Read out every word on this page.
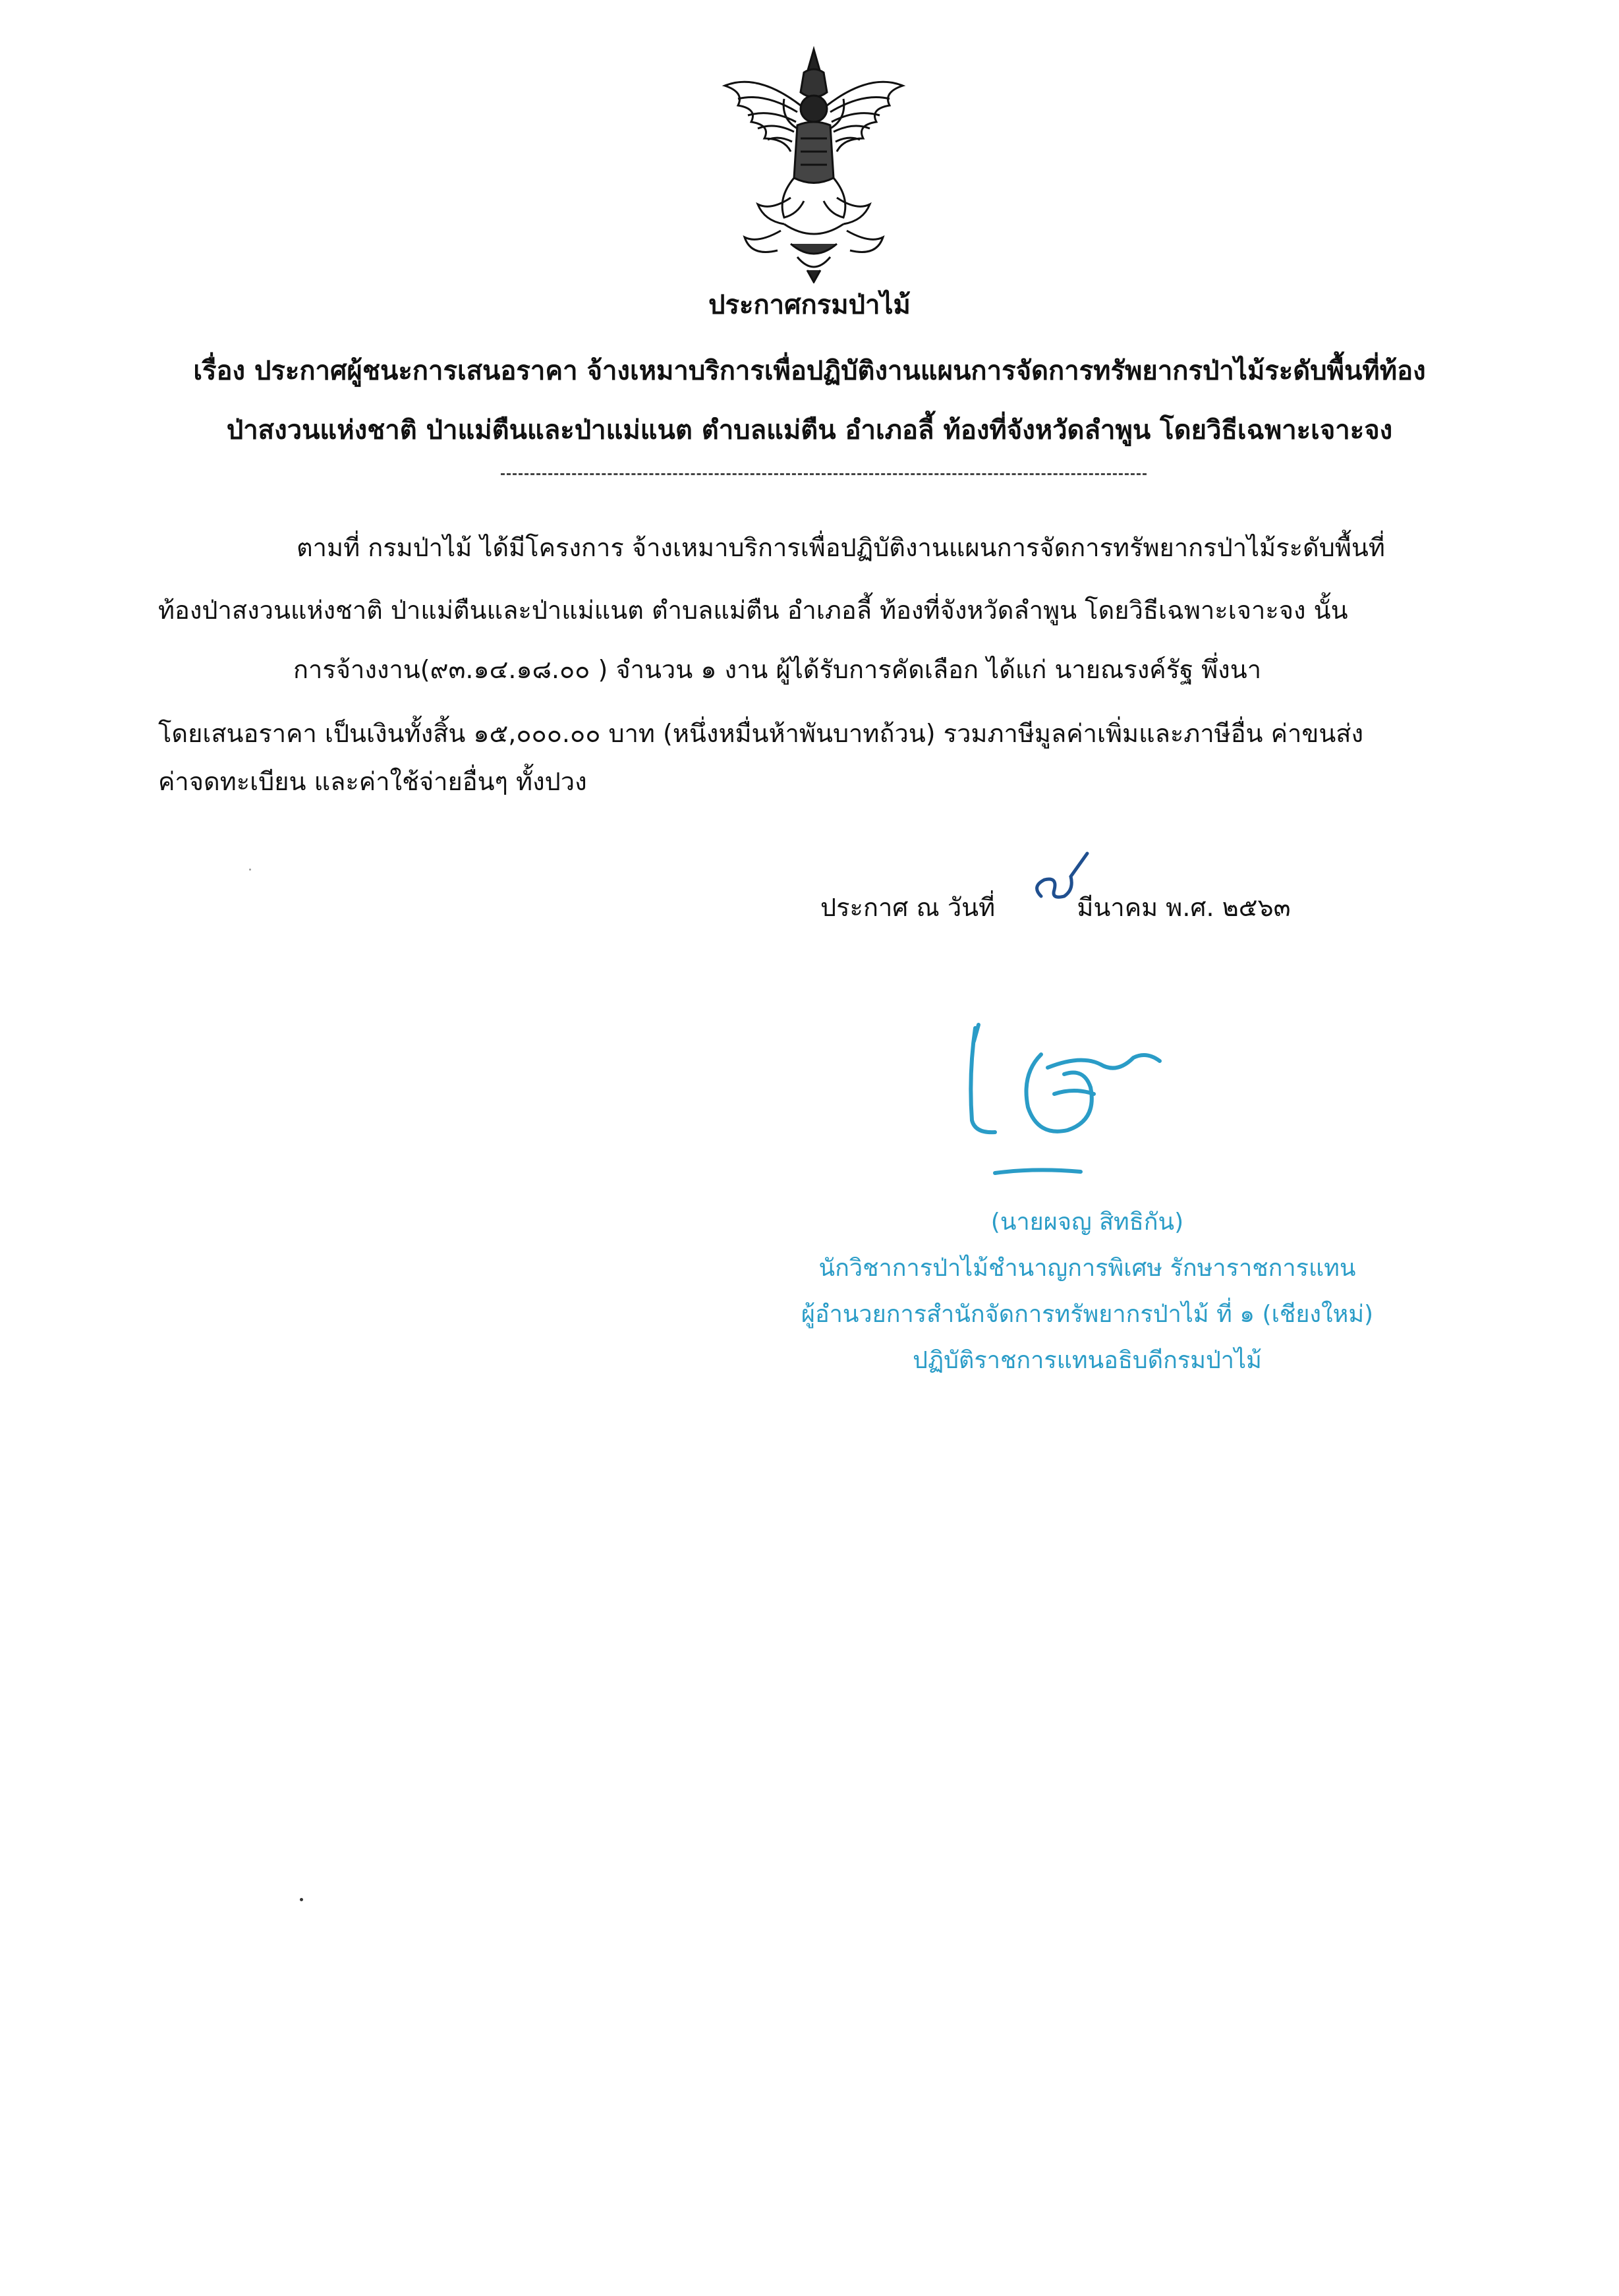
ประกาศกรมป่าไม้
เรื่อง ประกาศผู้ชนะการเสนอราคา จ้างเหมาบริการเพื่อปฏิบัติงานแผนการจัดการทรัพยากรป่าไม้ระดับพื้นที่ท้อง
ป่าสงวนแห่งชาติ ป่าแม่ตืนและป่าแม่แนต ตำบลแม่ตืน อำเภอลี้ ท้องที่จังหวัดลำพูน โดยวิธีเฉพาะเจาะจง
ตามที่ กรมป่าไม้ ได้มีโครงการ จ้างเหมาบริการเพื่อปฏิบัติงานแผนการจัดการทรัพยากรป่าไม้ระดับพื้นที่
ท้องป่าสงวนแห่งชาติ ป่าแม่ตืนและป่าแม่แนต ตำบลแม่ตืน อำเภอลี้ ท้องที่จังหวัดลำพูน โดยวิธีเฉพาะเจาะจง นั้น
การจ้างงาน(๙๓.๑๔.๑๘.๐๐ ) จำนวน ๑ งาน ผู้ได้รับการคัดเลือก ได้แก่ นายณรงค์รัฐ พึ่งนา
โดยเสนอราคา เป็นเงินทั้งสิ้น ๑๕,๐๐๐.๐๐ บาท (หนึ่งหมื่นห้าพันบาทถ้วน) รวมภาษีมูลค่าเพิ่มและภาษีอื่น ค่าขนส่ง
ค่าจดทะเบียน และค่าใช้จ่ายอื่นๆ ทั้งปวง
ประกาศ ณ วันที่	มีนาคม พ.ศ. ๒๕๖๓
(นายผจญ สิทธิกัน)
นักวิชาการป่าไม้ชำนาญการพิเศษ รักษาราชการแทน
ผู้อำนวยการสำนักจัดการทรัพยากรป่าไม้ ที่ ๑ (เชียงใหม่)
ปฏิบัติราชการแทนอธิบดีกรมป่าไม้
